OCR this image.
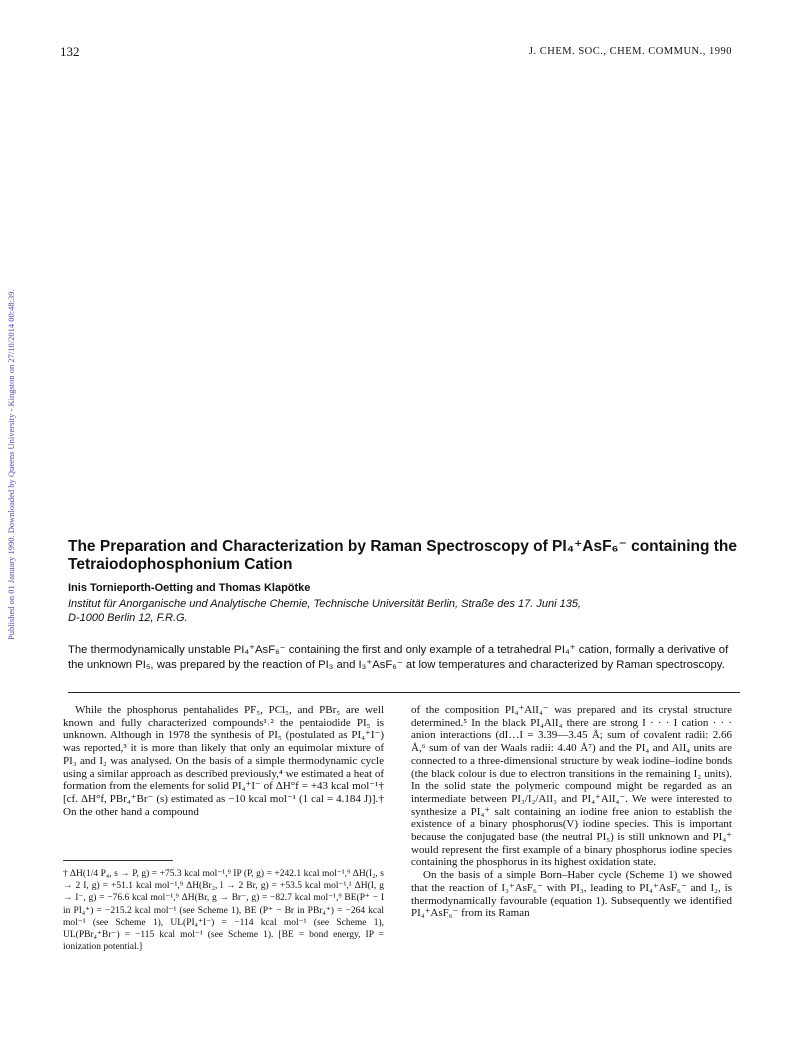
132	J. CHEM. SOC., CHEM. COMMUN., 1990
Published on 01 January 1990. Downloaded by Queens University - Kingston on 27/10/2014 00:48:39.	The Preparation and Characterization by Raman Spectroscopy of PI₄⁺AsF₆⁻ containing the Tetraiodophosphonium Cation
Inis Tornieporth-Oetting and Thomas Klapötke
Institut für Anorganische und Analytische Chemie, Technische Universität Berlin, Straße des 17. Juni 135,
D-1000 Berlin 12, F.R.G.
The thermodynamically unstable PI₄⁺AsF₆⁻ containing the first and only example of a tetrahedral PI₄⁺ cation, formally a derivative of the unknown PI₅, was prepared by the reaction of PI₃ and I₃⁺AsF₆⁻ at low temperatures and characterized by Raman spectroscopy.

While the phosphorus pentahalides PF₅, PCl₅, and PBr₅ are well known and fully characterized compounds¹˒² the pentaiodide PI₅ is unknown. Although in 1978 the synthesis of PI₅ (postulated as PI₄⁺I⁻) was reported,³ it is more than likely that only an equimolar mixture of PI₃ and I₂ was analysed. On the basis of a simple thermodynamic cycle using a similar approach as described previously,⁴ we estimated a heat of formation from the elements for solid PI₄⁺I⁻ of ΔH°f = +43 kcal mol⁻¹† [cf. ΔH°f, PBr₄⁺Br⁻ (s) estimated as −10 kcal mol⁻¹ (1 cal = 4.184 J)].† On the other hand a compound

of the composition PI₄⁺AlI₄⁻ was prepared and its crystal structure determined.⁵ In the black PI₄AlI₄ there are strong I · · · I cation · · · anion interactions (dI…I = 3.39—3.45 Å; sum of covalent radii: 2.66 Å,⁶ sum of van der Waals radii: 4.40 Å⁷) and the PI₄ and AlI₄ units are connected to a three-dimensional structure by weak iodine–iodine bonds (the black colour is due to electron transitions in the remaining I₂ units). In the solid state the polymeric compound might be regarded as an intermediate between PI₃/I₂/AlI₃ and PI₄⁺AlI₄⁻. We were interested to synthesize a PI₄⁺ salt containing an iodine free anion to establish the existence of a binary phosphorus(V) iodine species. This is important because the conjugated base (the neutral PI₅) is still unknown and PI₄⁺ would represent the first example of a binary phosphorus iodine species containing the phosphorus in its highest oxidation state.

On the basis of a simple Born–Haber cycle (Scheme 1) we showed that the reaction of I₃⁺AsF₆⁻ with PI₃, leading to PI₄⁺AsF₆⁻ and I₂, is thermodynamically favourable (equation 1). Subsequently we identified PI₄⁺AsF₆⁻ from its Raman

† ΔH(1/4 P₄, s → P, g) = +75.3 kcal mol⁻¹,⁹ IP (P, g) = +242.1 kcal mol⁻¹,⁹ ΔH(I₂, s → 2 I, g) = +51.1 kcal mol⁻¹,⁹ ΔH(Br₂, l → 2 Br, g) = +53.5 kcal mol⁻¹,¹ ΔH(I, g → I⁻, g) = −76.6 kcal mol⁻¹,⁹ ΔH(Br, g → Br⁻, g) = −82.7 kcal mol⁻¹,⁹ BE(P⁺ − I in PI₄⁺) = −215.2 kcal mol⁻¹ (see Scheme 1), BE (P⁺ − Br in PBr₄⁺) = −264 kcal mol⁻¹ (see Scheme 1), UL(PI₄⁺I⁻) = −114 kcal mol⁻¹ (see Scheme 1), UL(PBr₄⁺Br⁻) = −115 kcal mol⁻¹ (see Scheme 1). [BE = bond energy, IP = ionization potential.]
